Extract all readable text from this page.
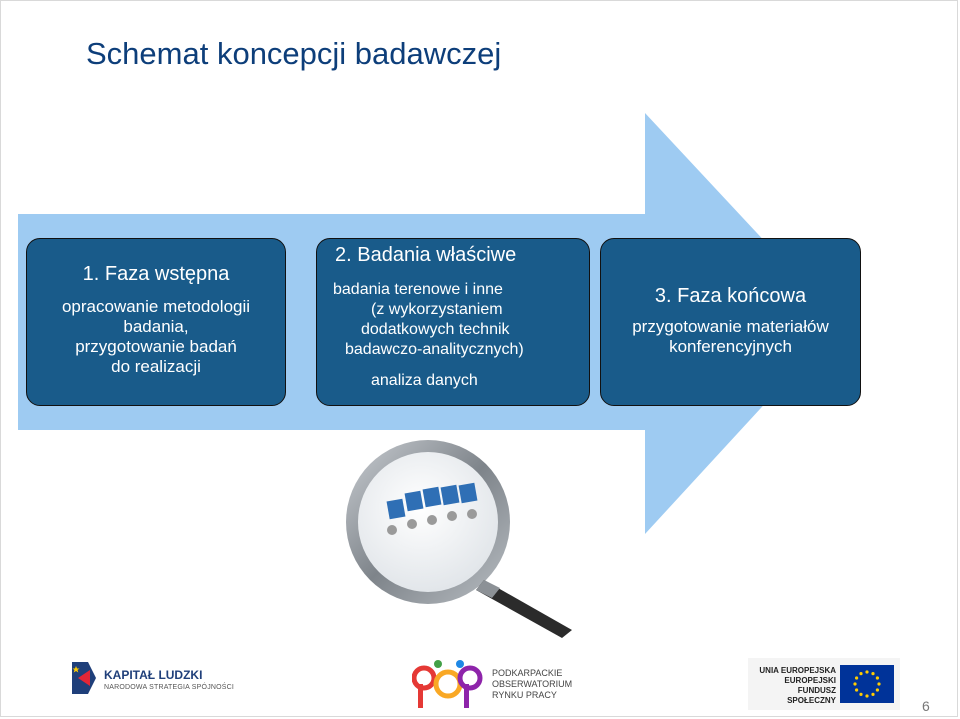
Schemat koncepcji badawczej
1. Faza wstępna
opracowanie metodologii
badania,
przygotowanie badań
do realizacji
2. Badania właściwe
badania terenowe i inne
(z wykorzystaniem
dodatkowych technik
badawczo-analitycznych)
analiza danych
3. Faza końcowa
przygotowanie materiałów
konferencyjnych
KAPITAŁ LUDZKI
NARODOWA STRATEGIA SPÓJNOŚCI
PODKARPACKIE
OBSERWATORIUM
RYNKU PRACY
UNIA EUROPEJSKA
EUROPEJSKI
FUNDUSZ SPOŁECZNY	6
